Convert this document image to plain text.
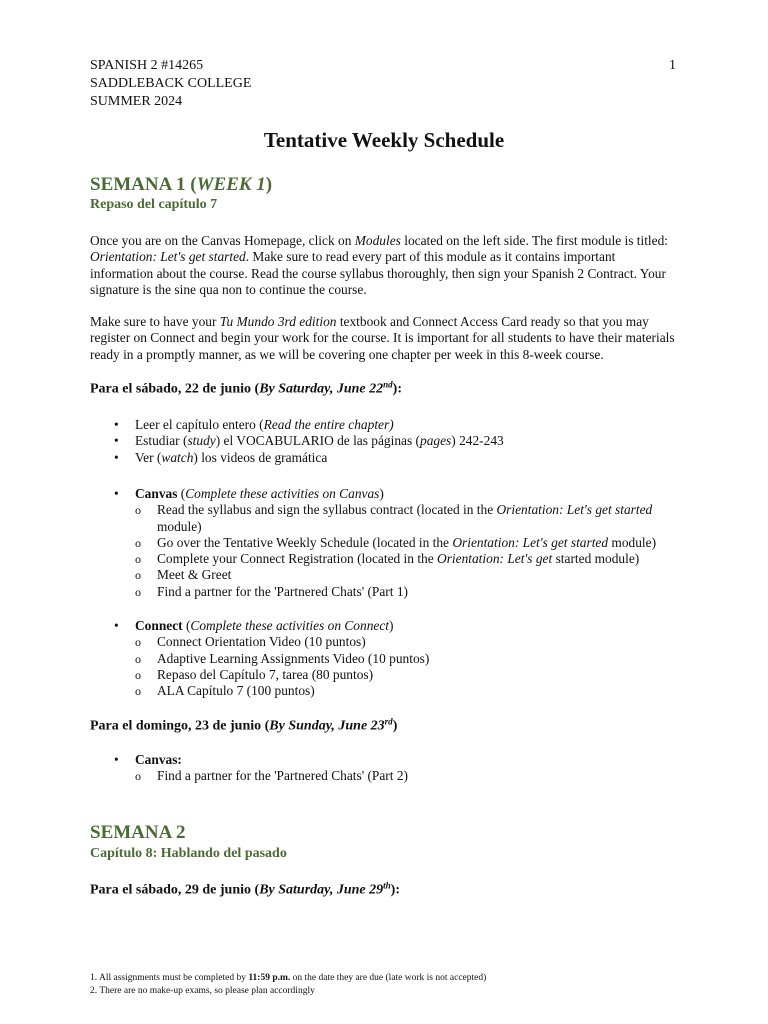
SPANISH 2 #14265
SADDLEBACK COLLEGE
SUMMER 2024
1
Tentative Weekly Schedule
SEMANA 1 (WEEK 1)
Repaso del capítulo 7

Once you are on the Canvas Homepage, click on Modules located on the left side. The first module is titled: Orientation: Let's get started. Make sure to read every part of this module as it contains important information about the course. Read the course syllabus thoroughly, then sign your Spanish 2 Contract. Your signature is the sine qua non to continue the course.

Make sure to have your Tu Mundo 3rd edition textbook and Connect Access Card ready so that you may register on Connect and begin your work for the course. It is important for all students to have their materials ready in a promptly manner, as we will be covering one chapter per week in this 8-week course.

Para el sábado, 22 de junio (By Saturday, June 22nd):
• Leer el capítulo entero (Read the entire chapter)
• Estudiar (study) el VOCABULARIO de las páginas (pages) 242-243
• Ver (watch) los videos de gramática
• Canvas (Complete these activities on Canvas)
o Read the syllabus and sign the syllabus contract (located in the Orientation: Let's get started module)
o Go over the Tentative Weekly Schedule (located in the Orientation: Let's get started module)
o Complete your Connect Registration (located in the Orientation: Let's get started module)
o Meet & Greet
o Find a partner for the 'Partnered Chats' (Part 1)
• Connect (Complete these activities on Connect)
o Connect Orientation Video (10 puntos)
o Adaptive Learning Assignments Video (10 puntos)
o Repaso del Capítulo 7, tarea (80 puntos)
o ALA Capítulo 7 (100 puntos)
Para el domingo, 23 de junio (By Sunday, June 23rd)
• Canvas:
o Find a partner for the 'Partnered Chats' (Part 2)
SEMANA 2
Capítulo 8: Hablando del pasado
Para el sábado, 29 de junio (By Saturday, June 29th):
1. All assignments must be completed by 11:59 p.m. on the date they are due (late work is not accepted)
2. There are no make-up exams, so please plan accordingly
